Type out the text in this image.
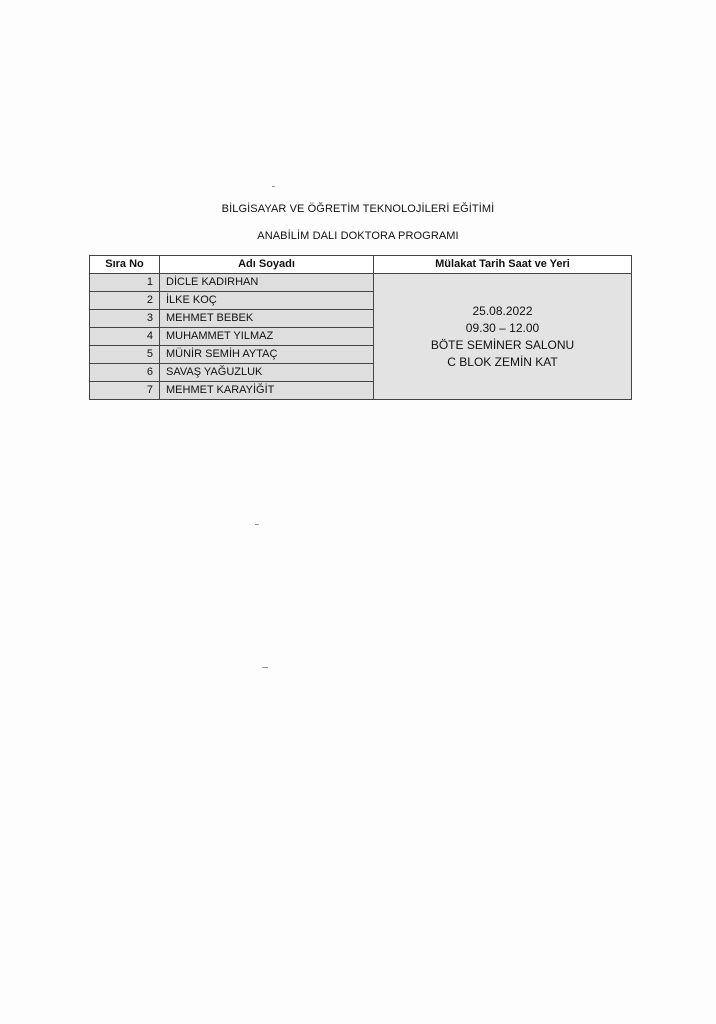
BİLGİSAYAR VE ÖĞRETİM TEKNOLOJİLERİ EĞİTİMİ
ANABİLİM DALI DOKTORA PROGRAMI
Sıra No	Adı Soyadı	Mülakat Tarih Saat ve Yeri
1	DİCLE KADIRHAN	25.08.2022
09.30 – 12.00
BÖTE SEMİNER SALONU
C BLOK ZEMİN KAT

2	İLKE KOÇ	
3	MEHMET BEBEK	
4	MUHAMMET YILMAZ	
5	MÜNİR SEMİH AYTAÇ	
6	SAVAŞ YAĞUZLUK	
7	MEHMET KARAYİĞİT	
